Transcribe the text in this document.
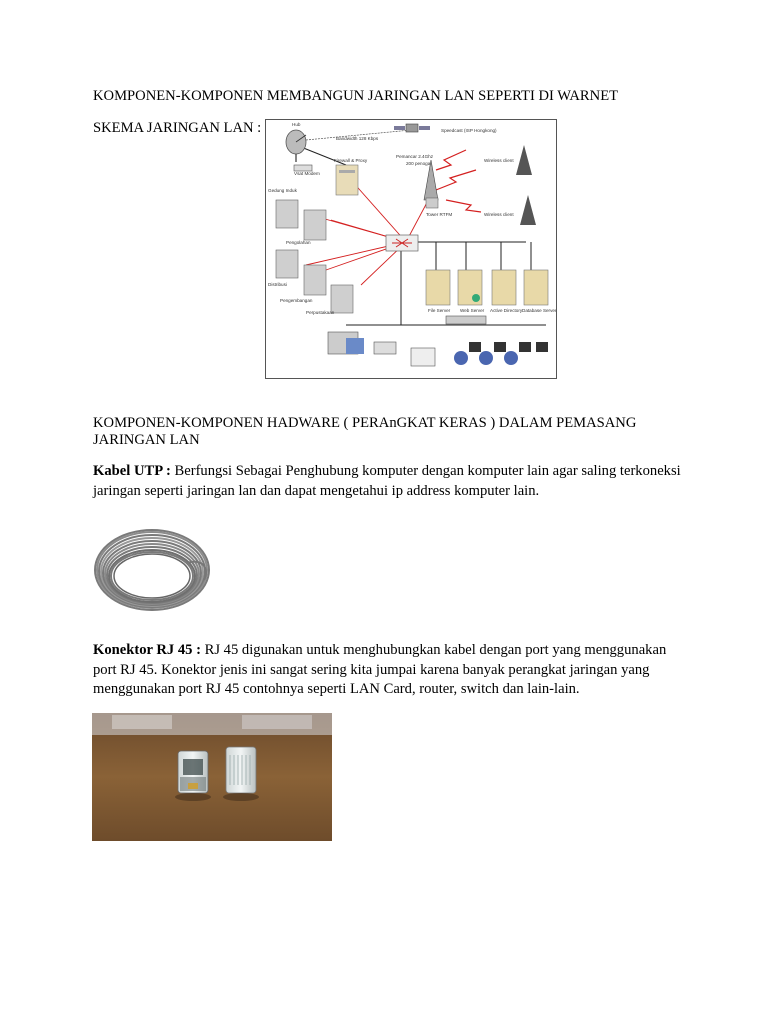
KOMPONEN-KOMPONEN MEMBANGUN JARINGAN LAN SEPERTI DI WARNET
SKEMA JARINGAN LAN :	Hub
Bandwidth 128 Kbps
Speedcast (ISP Hongkong)
Vsat Modem
Firewall & Proxy
Pemancar 2.4Ghz
200 penoga
Wireless client
Wireless client
Gedung Induk
Tower RTFM
Pengolahan
Distribusi
Pengembangan
Perpustakaan	File Server Web Server Active Directory Database Server
KOMPONEN-KOMPONEN HADWARE ( PERAnGKAT KERAS ) DALAM PEMASANG
JARINGAN LAN
Kabel UTP : Berfungsi Sebagai Penghubung komputer dengan komputer lain agar saling terkoneksi jaringan seperti jaringan lan dan dapat mengetahui ip address komputer lain.
Konektor RJ 45 : RJ 45 digunakan untuk menghubungkan kabel dengan port yang menggunakan port RJ 45. Konektor jenis ini sangat sering kita jumpai karena banyak perangkat jaringan yang menggunakan port RJ 45 contohnya seperti LAN Card, router, switch dan lain-lain.
